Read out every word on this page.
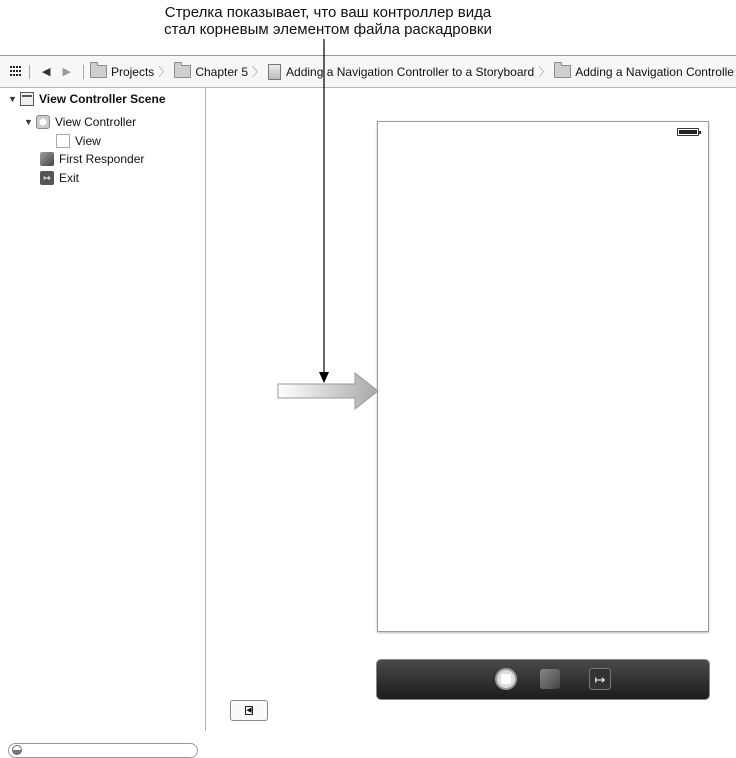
Стрелка показывает, что ваш контроллер вида
стал корневым элементом файла раскадровки
◀ ▶	Projects 〉 Chapter 5 〉 Adding a Navigation Controller to a Storyboard 〉 Adding a Navigation Controlle
▼ View Controller Scene
▼ View Controller
View
First Responder
↦ Exit
↦
◀
